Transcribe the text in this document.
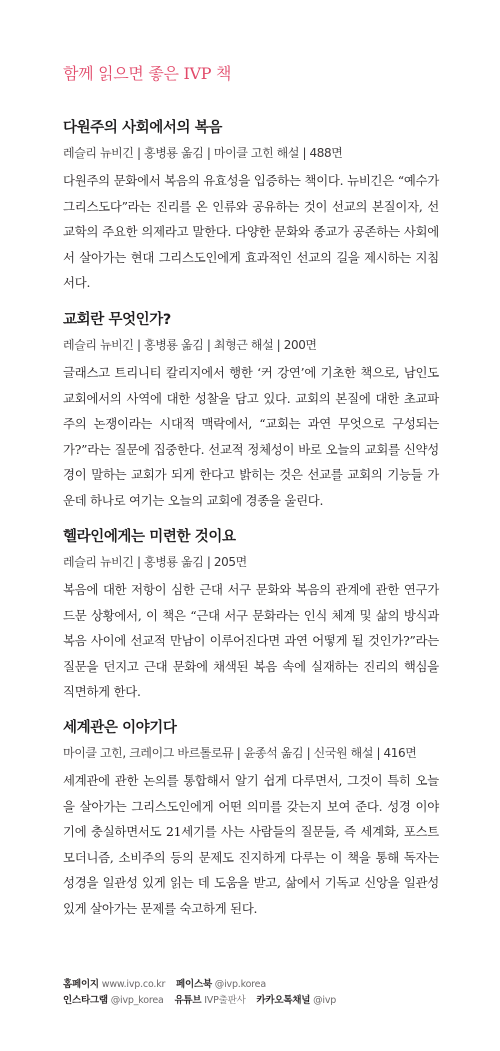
함께 읽으면 좋은 IVP 책
다원주의 사회에서의 복음

레슬리 뉴비긴 | 홍병룡 옮김 | 마이클 고힌 해설 | 488면

다원주의 문화에서 복음의 유효성을 입증하는 책이다. 뉴비긴은 “예수가 그리스도다”라는 진리를 온 인류와 공유하는 것이 선교의 본질이자, 선교학의 주요한 의제라고 말한다. 다양한 문화와 종교가 공존하는 사회에서 살아가는 현대 그리스도인에게 효과적인 선교의 길을 제시하는 지침서다.

교회란 무엇인가?

레슬리 뉴비긴 | 홍병룡 옮김 | 최형근 해설 | 200면

글래스고 트리니티 칼리지에서 행한 ‘커 강연’에 기초한 책으로, 남인도 교회에서의 사역에 대한 성찰을 담고 있다. 교회의 본질에 대한 초교파주의 논쟁이라는 시대적 맥락에서, “교회는 과연 무엇으로 구성되는가?”라는 질문에 집중한다. 선교적 정체성이 바로 오늘의 교회를 신약성경이 말하는 교회가 되게 한다고 밝히는 것은 선교를 교회의 기능들 가운데 하나로 여기는 오늘의 교회에 경종을 울린다.

헬라인에게는 미련한 것이요

레슬리 뉴비긴 | 홍병룡 옮김 | 205면

복음에 대한 저항이 심한 근대 서구 문화와 복음의 관계에 관한 연구가 드문 상황에서, 이 책은 “근대 서구 문화라는 인식 체계 및 삶의 방식과 복음 사이에 선교적 만남이 이루어진다면 과연 어떻게 될 것인가?”라는 질문을 던지고 근대 문화에 채색된 복음 속에 실재하는 진리의 핵심을 직면하게 한다.

세계관은 이야기다

마이클 고힌, 크레이그 바르톨로뮤 | 윤종석 옮김 | 신국원 해설 | 416면

세계관에 관한 논의를 통합해서 알기 쉽게 다루면서, 그것이 특히 오늘을 살아가는 그리스도인에게 어떤 의미를 갖는지 보여 준다. 성경 이야기에 충실하면서도 21세기를 사는 사람들의 질문들, 즉 세계화, 포스트모더니즘, 소비주의 등의 문제도 진지하게 다루는 이 책을 통해 독자는 성경을 일관성 있게 읽는 데 도움을 받고, 삶에서 기독교 신앙을 일관성 있게 살아가는 문제를 숙고하게 된다.

홈페이지 www.ivp.co.kr 페이스북 @ivp.korea
인스타그램 @ivp_korea 유튜브 IVP출판사 카카오톡채널 @ivp
